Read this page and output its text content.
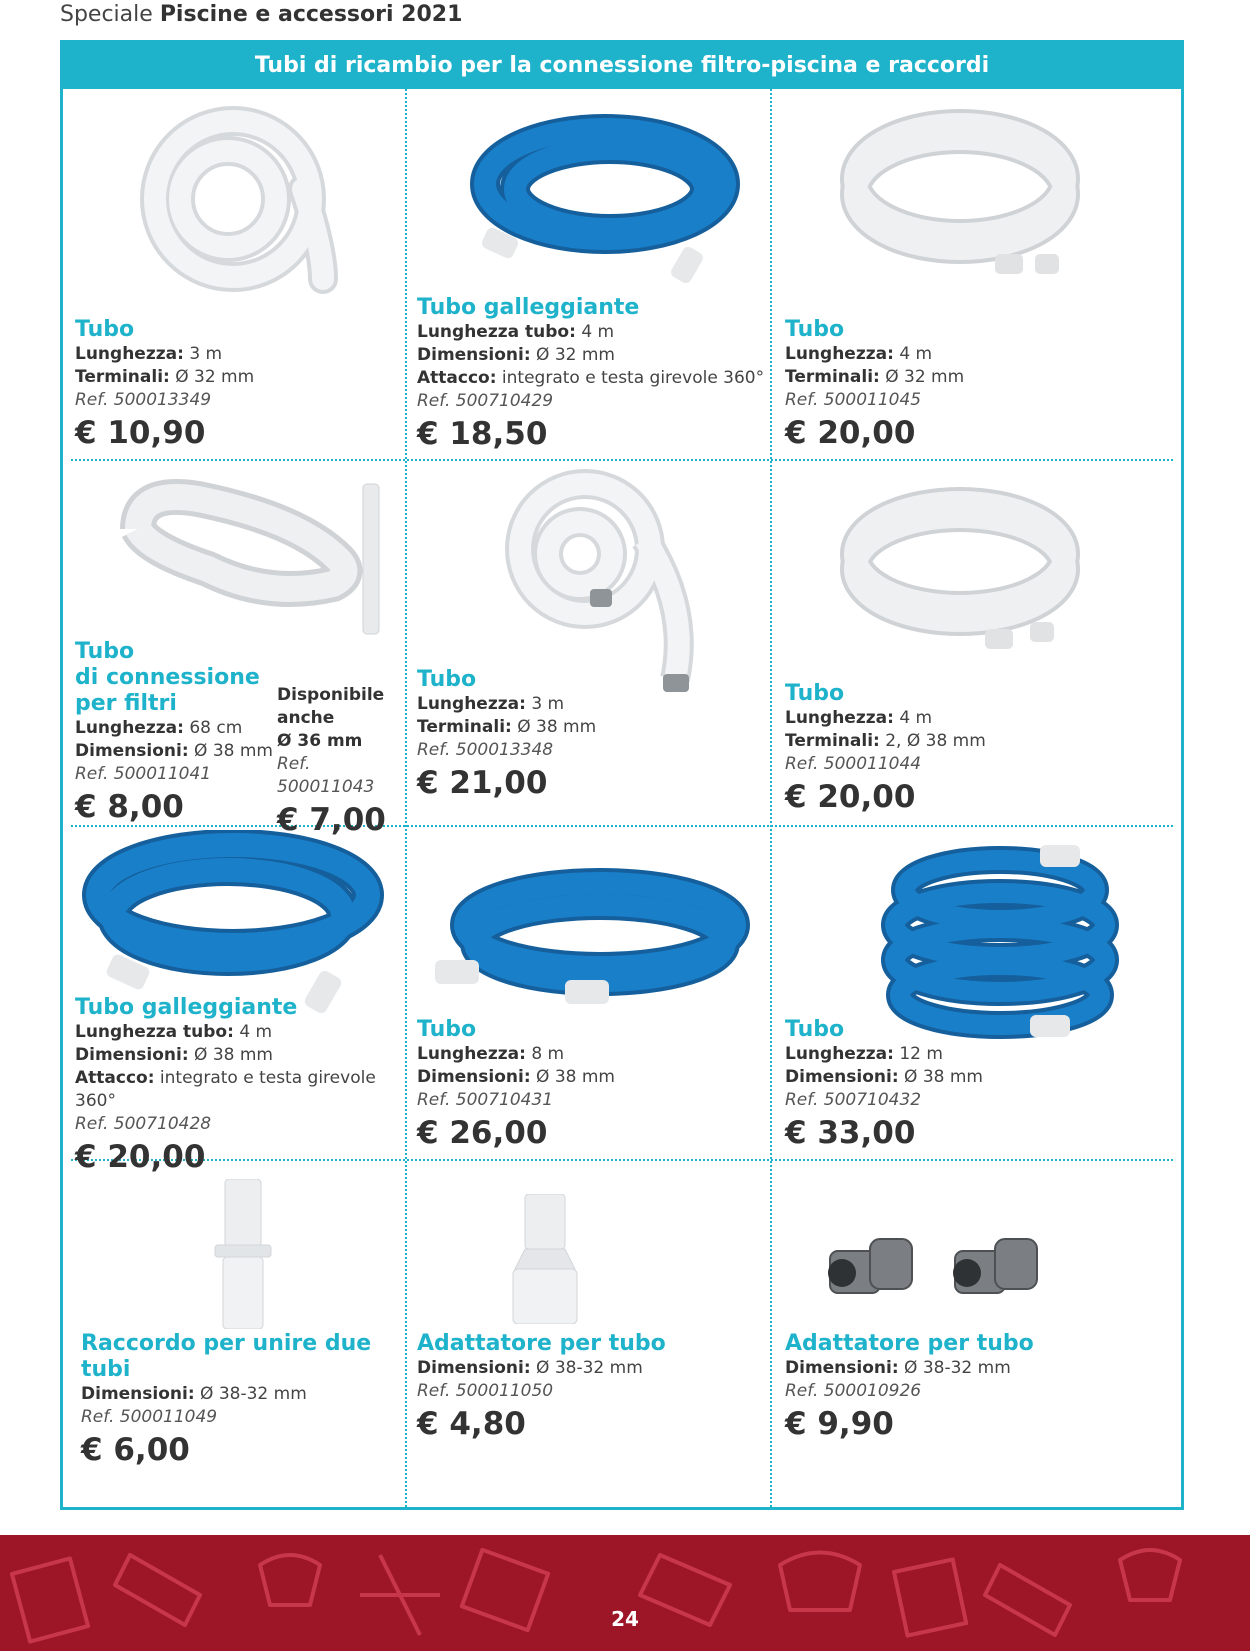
Speciale Piscine e accessori 2021
Tubi di ricambio per la connessione filtro-piscina e raccordi
Tubo
Lunghezza: 3 m
Terminali: Ø 32 mm
Ref. 500013349
€ 10,90
Tubo galleggiante
Lunghezza tubo: 4 m
Dimensioni: Ø 32 mm
Attacco: integrato e testa girevole 360°
Ref. 500710429
€ 18,50
Tubo
Lunghezza: 4 m
Terminali: Ø 32 mm
Ref. 500011045
€ 20,00
Tubo
di connessione
per filtri
Lunghezza: 68 cm
Dimensioni: Ø 38 mm
Ref. 500011041
€ 8,00
Disponibile
anche
Ø 36 mm
Ref. 500011043
€ 7,00
Tubo
Lunghezza: 3 m
Terminali: Ø 38 mm
Ref. 500013348
€ 21,00
Tubo
Lunghezza: 4 m
Terminali: 2, Ø 38 mm
Ref. 500011044
€ 20,00
Tubo galleggiante
Lunghezza tubo: 4 m
Dimensioni: Ø 38 mm
Attacco: integrato e testa girevole 360°
Ref. 500710428
€ 20,00
Tubo
Lunghezza: 8 m
Dimensioni: Ø 38 mm
Ref. 500710431
€ 26,00
Tubo
Lunghezza: 12 m
Dimensioni: Ø 38 mm
Ref. 500710432
€ 33,00
Raccordo per unire due tubi
Dimensioni: Ø 38-32 mm
Ref. 500011049
€ 6,00
Adattatore per tubo
Dimensioni: Ø 38-32 mm
Ref. 500011050
€ 4,80
Adattatore per tubo
Dimensioni: Ø 38-32 mm
Ref. 500010926
€ 9,90
24
